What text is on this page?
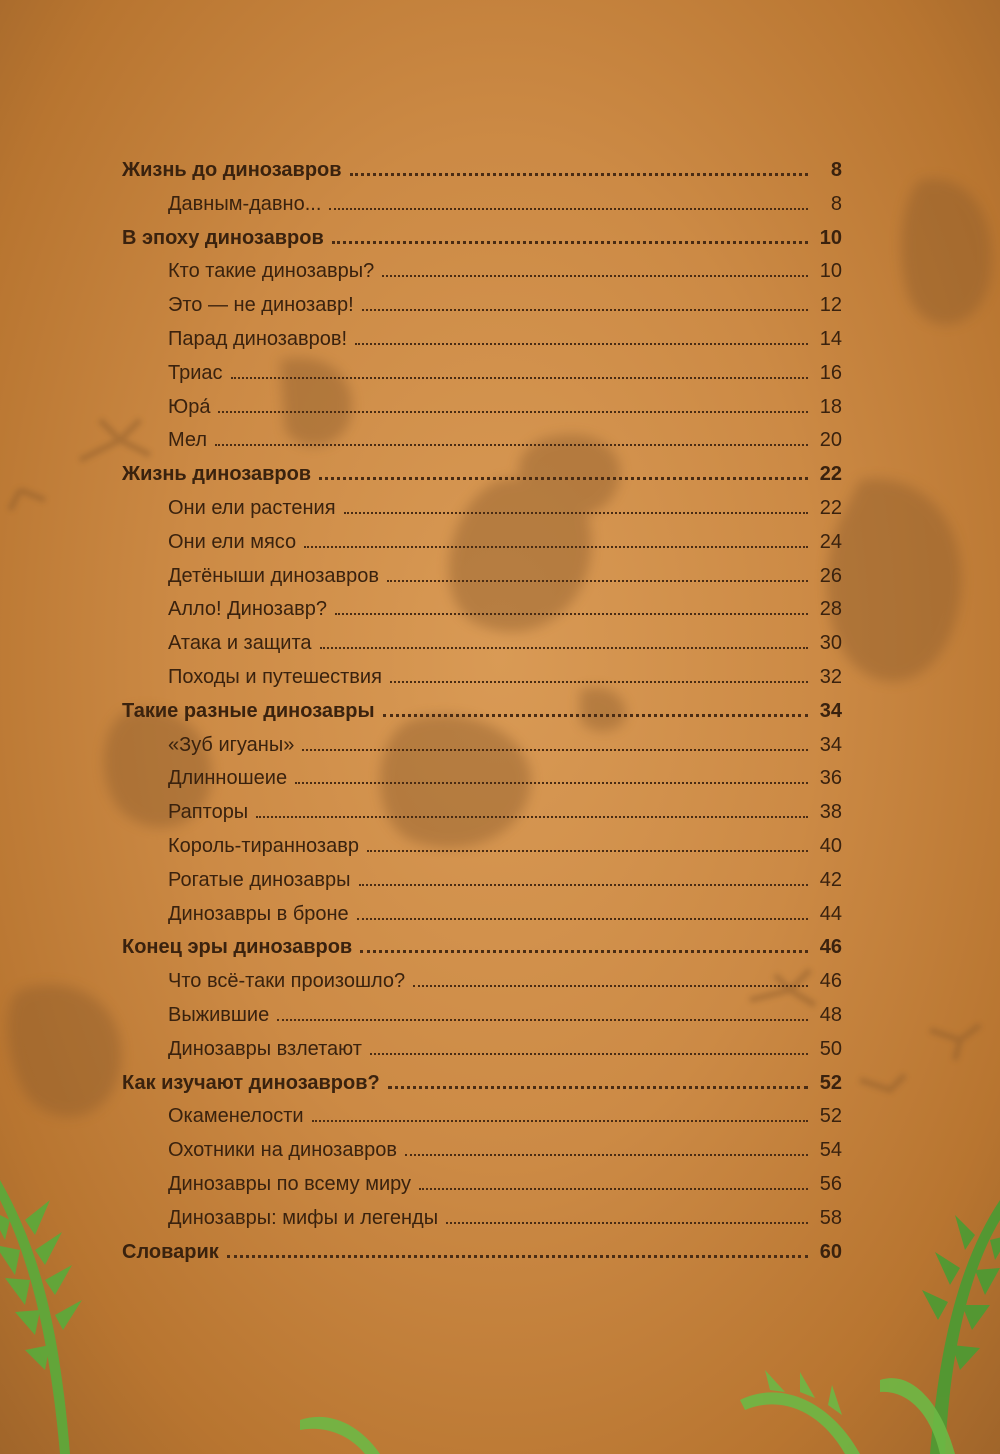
Жизнь до динозавров	8
Давным-давно...	8
В эпоху динозавров	10
Кто такие динозавры?	10
Это — не динозавр!	12
Парад динозавров!	14
Триас	16
Юра́	18
Мел	20
Жизнь динозавров	22
Они ели растения	22
Они ели мясо	24
Детёныши динозавров	26
Алло! Динозавр?	28
Атака и защита	30
Походы и путешествия	32
Такие разные динозавры	34
«Зуб игуаны»	34
Длинношеие	36
Рапторы	38
Король-тираннозавр	40
Рогатые динозавры	42
Динозавры в броне	44
Конец эры динозавров	46
Что всё-таки произошло?	46
Выжившие	48
Динозавры взлетают	50
Как изучают динозавров?	52
Окаменелости	52
Охотники на динозавров	54
Динозавры по всему миру	56
Динозавры: мифы и легенды	58
Словарик	60
